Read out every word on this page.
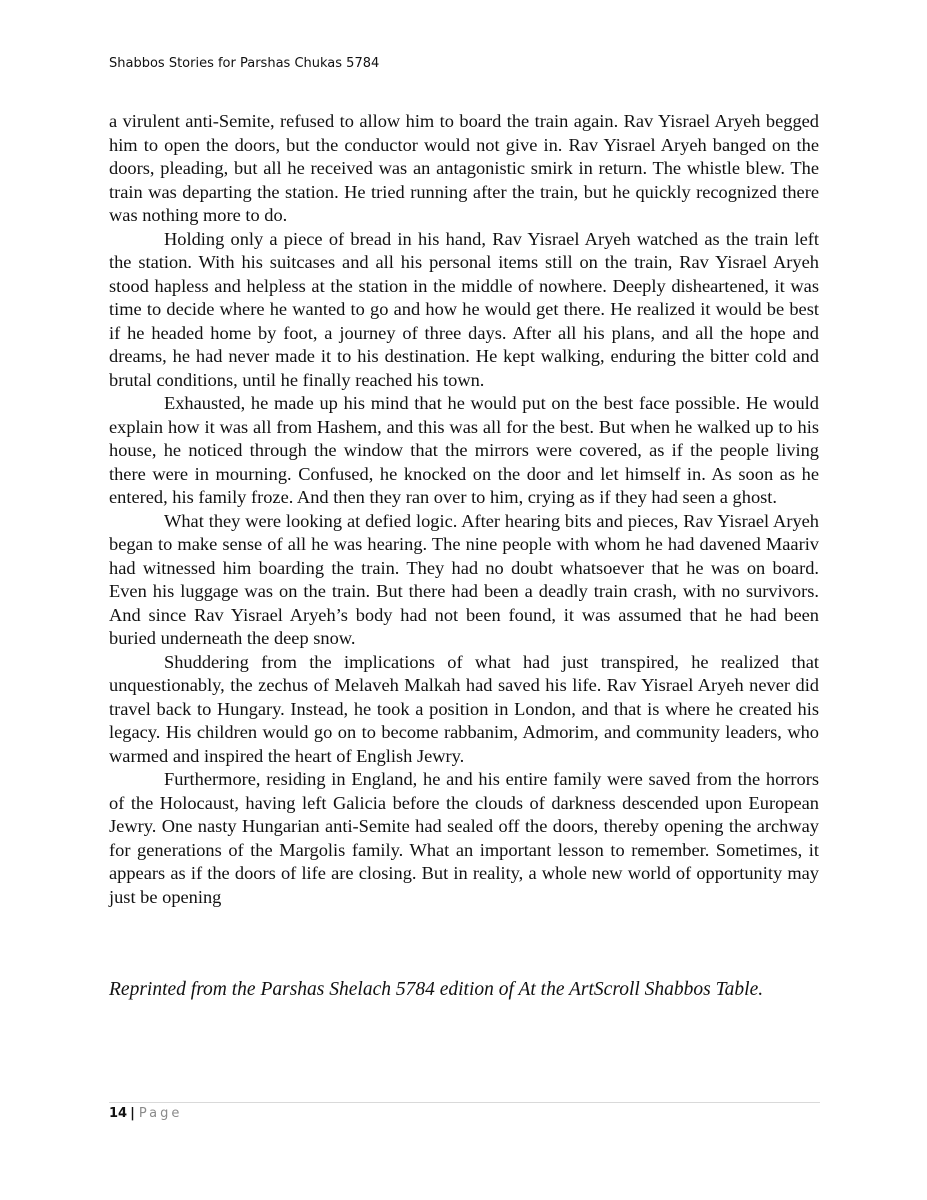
Shabbos Stories for Parshas Chukas 5784

a virulent anti-Semite, refused to allow him to board the train again. Rav Yisrael Aryeh begged him to open the doors, but the conductor would not give in. Rav Yisrael Aryeh banged on the doors, pleading, but all he received was an antagonistic smirk in return. The whistle blew. The train was departing the station. He tried running after the train, but he quickly recognized there was nothing more to do.

Holding only a piece of bread in his hand, Rav Yisrael Aryeh watched as the train left the station. With his suitcases and all his personal items still on the train, Rav Yisrael Aryeh stood hapless and helpless at the station in the middle of nowhere. Deeply disheartened, it was time to decide where he wanted to go and how he would get there. He realized it would be best if he headed home by foot, a journey of three days. After all his plans, and all the hope and dreams, he had never made it to his destination. He kept walking, enduring the bitter cold and brutal conditions, until he finally reached his town.

Exhausted, he made up his mind that he would put on the best face possible. He would explain how it was all from Hashem, and this was all for the best. But when he walked up to his house, he noticed through the window that the mirrors were covered, as if the people living there were in mourning. Confused, he knocked on the door and let himself in. As soon as he entered, his family froze. And then they ran over to him, crying as if they had seen a ghost.

What they were looking at defied logic. After hearing bits and pieces, Rav Yisrael Aryeh began to make sense of all he was hearing. The nine people with whom he had davened Maariv had witnessed him boarding the train. They had no doubt whatsoever that he was on board. Even his luggage was on the train. But there had been a deadly train crash, with no survivors. And since Rav Yisrael Aryeh’s body had not been found, it was assumed that he had been buried underneath the deep snow.

Shuddering from the implications of what had just transpired, he realized that unquestionably, the zechus of Melaveh Malkah had saved his life. Rav Yisrael Aryeh never did travel back to Hungary. Instead, he took a position in London, and that is where he created his legacy. His children would go on to become rabbanim, Admorim, and community leaders, who warmed and inspired the heart of English Jewry.

Furthermore, residing in England, he and his entire family were saved from the horrors of the Holocaust, having left Galicia before the clouds of darkness descended upon European Jewry. One nasty Hungarian anti-Semite had sealed off the doors, thereby opening the archway for generations of the Margolis family. What an important lesson to remember. Sometimes, it appears as if the doors of life are closing. But in reality, a whole new world of opportunity may just be opening

Reprinted from the Parshas Shelach 5784 edition of At the ArtScroll Shabbos Table.
14 | Page
